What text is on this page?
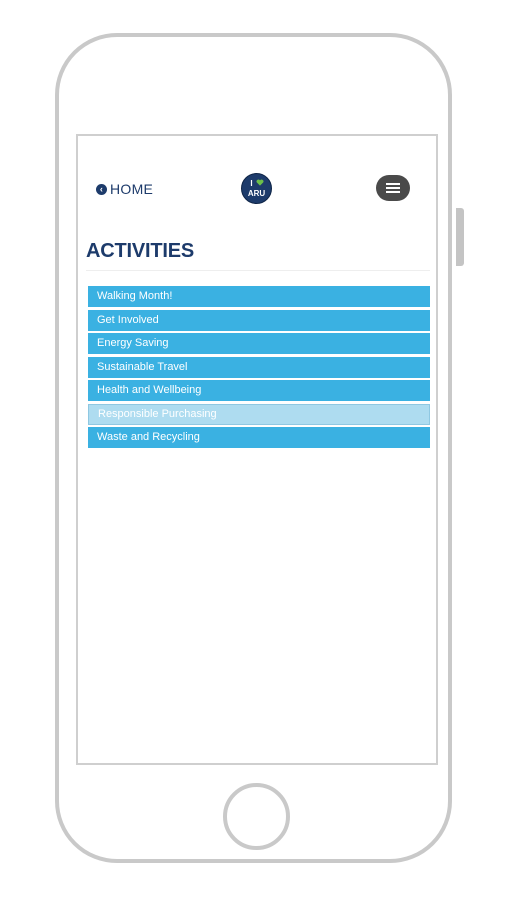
‹ HOME	I
ARU
ACTIVITIES
Walking Month!
Get Involved
Energy Saving
Sustainable Travel
Health and Wellbeing
Responsible Purchasing
Waste and Recycling
